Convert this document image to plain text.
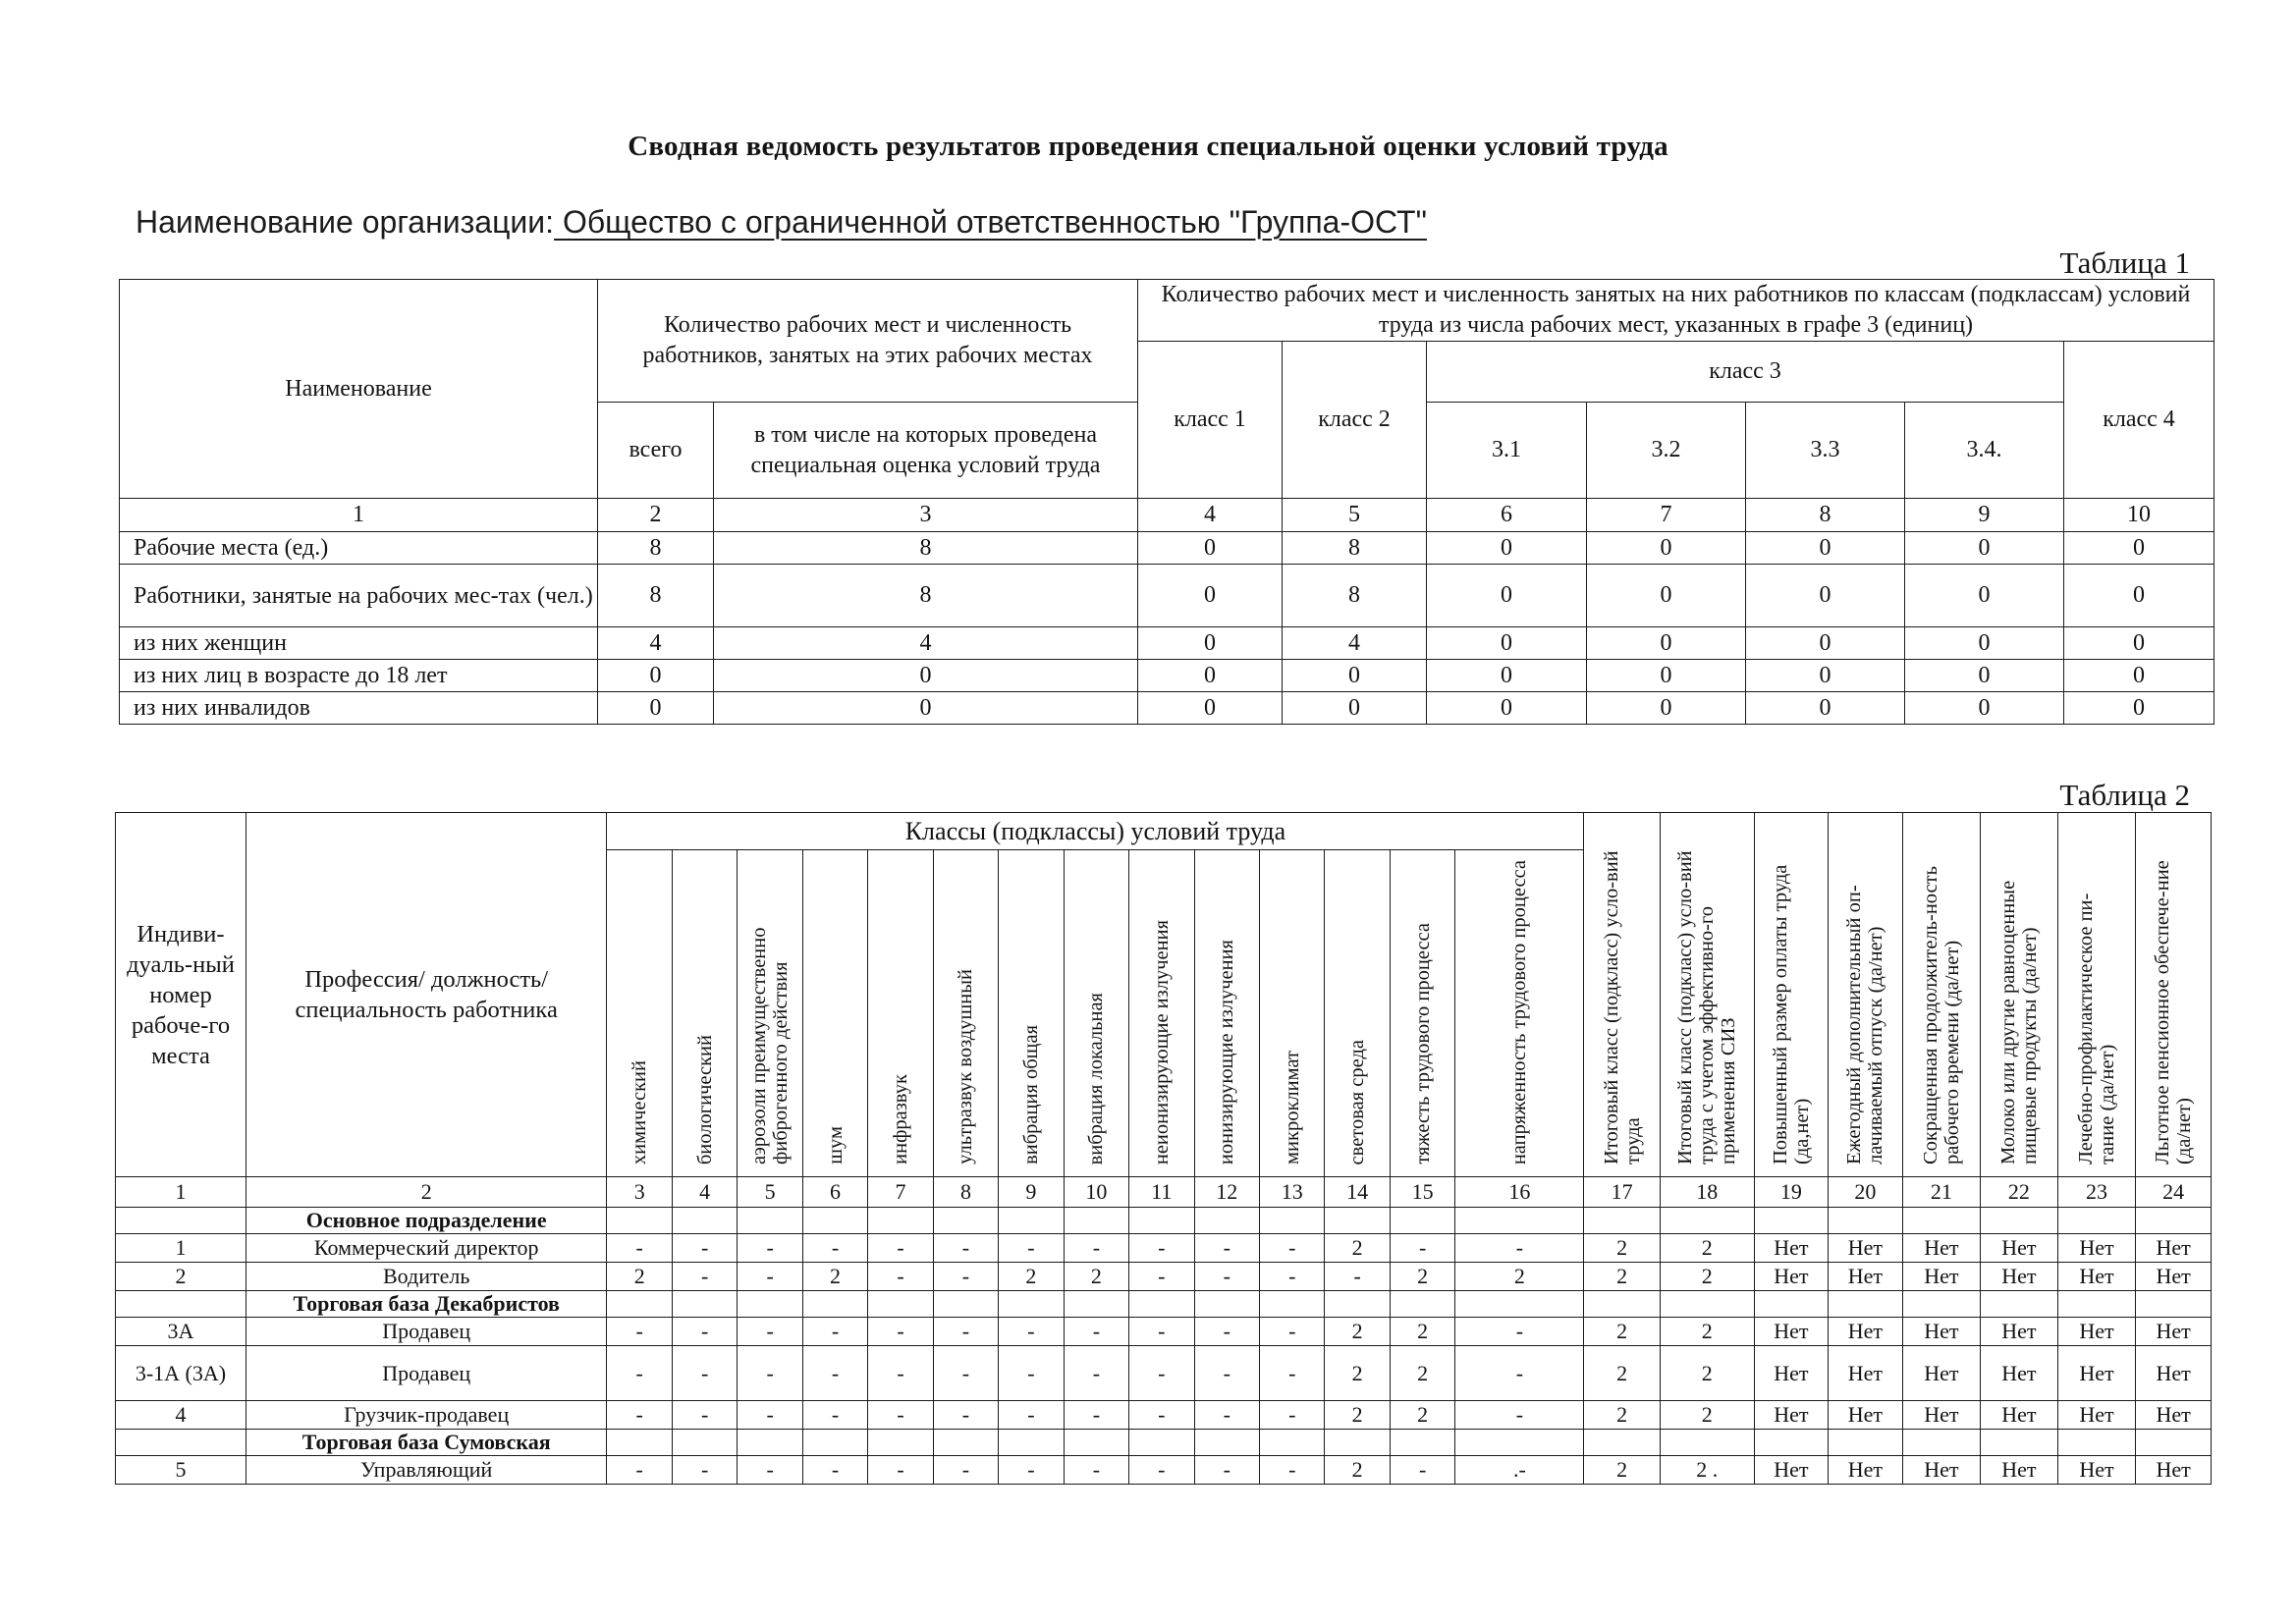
Сводная ведомость результатов проведения специальной оценки условий труда
Наименование организации: Общество с ограниченной ответственностью "Группа-ОСТ"
Таблица 1
Наименование	Количество рабочих мест и численность работников, занятых на этих рабочих местах		Количество рабочих мест и численность занятых на них работников по классам (подклассам) условий труда из числа рабочих мест, указанных в графе 3 (единиц)						
			класс 1	класс 2	класс 3				класс 4
	всего	в том числе на которых проведена специальная оценка условий труда			3.1	3.2	3.3	3.4.	
1	2	3	4	5	6	7	8	9	10
Рабочие места (ед.)	8	8	0	8	0	0	0	0	0
Работники, занятые на рабочих мес-тах (чел.)	8	8	0	8	0	0	0	0	0
из них женщин	4	4	0	4	0	0	0	0	0
из них лиц в возрасте до 18 лет	0	0	0	0	0	0	0	0	0
из них инвалидов	0	0	0	0	0	0	0	0	0
Таблица 2
Индиви-дуаль-ный номер рабоче-го места	Профессия/ должность/ специальность работника	Классы (подклассы) условий труда														Итоговый класс (подкласс) усло-вий труда	Итоговый класс (подкласс) усло-вий труда с учетом эффективно-го применения СИЗ	Повышенный размер оплаты труда (да,нет)	Ежегодный дополнительный оп-лачиваемый отпуск (да/нет)	Сокращенная продолжитель-ность рабочего времени (да/нет)	Молоко или другие равноценные пищевые продукты (да/нет)	Лечебно-профилактическое пи-тание (да/нет)	Льготное пенсионное обеспече-ние (да/нет)
		химический	биологический	аэрозоли преимущественно фиброгенного действия	шум	инфразвук	ультразвук воздушный	вибрация общая	вибрация локальная	неионизирующие излучения	ионизирующие излучения	микроклимат	световая среда	тяжесть трудового процесса	напряженность трудового процесса								
1	2	3	4	5	6	7	8	9	10	11	12	13	14	15	16	17	18	19	20	21	22	23	24
	Основное подразделение																						
1	Коммерческий директор	-	-	-	-	-	-	-	-	-	-	-	2	-	-	2	2	Нет	Нет	Нет	Нет	Нет	Нет
2	Водитель	2	-	-	2	-	-	2	2	-	-	-	-	2	2	2	2	Нет	Нет	Нет	Нет	Нет	Нет
	Торговая база Декабристов																						
3А	Продавец	-	-	-	-	-	-	-	-	-	-	-	2	2	-	2	2	Нет	Нет	Нет	Нет	Нет	Нет
3-1А (3А)	Продавец	-	-	-	-	-	-	-	-	-	-	-	2	2	-	2	2	Нет	Нет	Нет	Нет	Нет	Нет
4	Грузчик-продавец	-	-	-	-	-	-	-	-	-	-	-	2	2	-	2	2	Нет	Нет	Нет	Нет	Нет	Нет
	Торговая база Сумовская																						
5	Управляющий	-	-	-	-	-	-	-	-	-	-	-	2	-	.-	2	2 .	Нет	Нет	Нет	Нет	Нет	Нет
